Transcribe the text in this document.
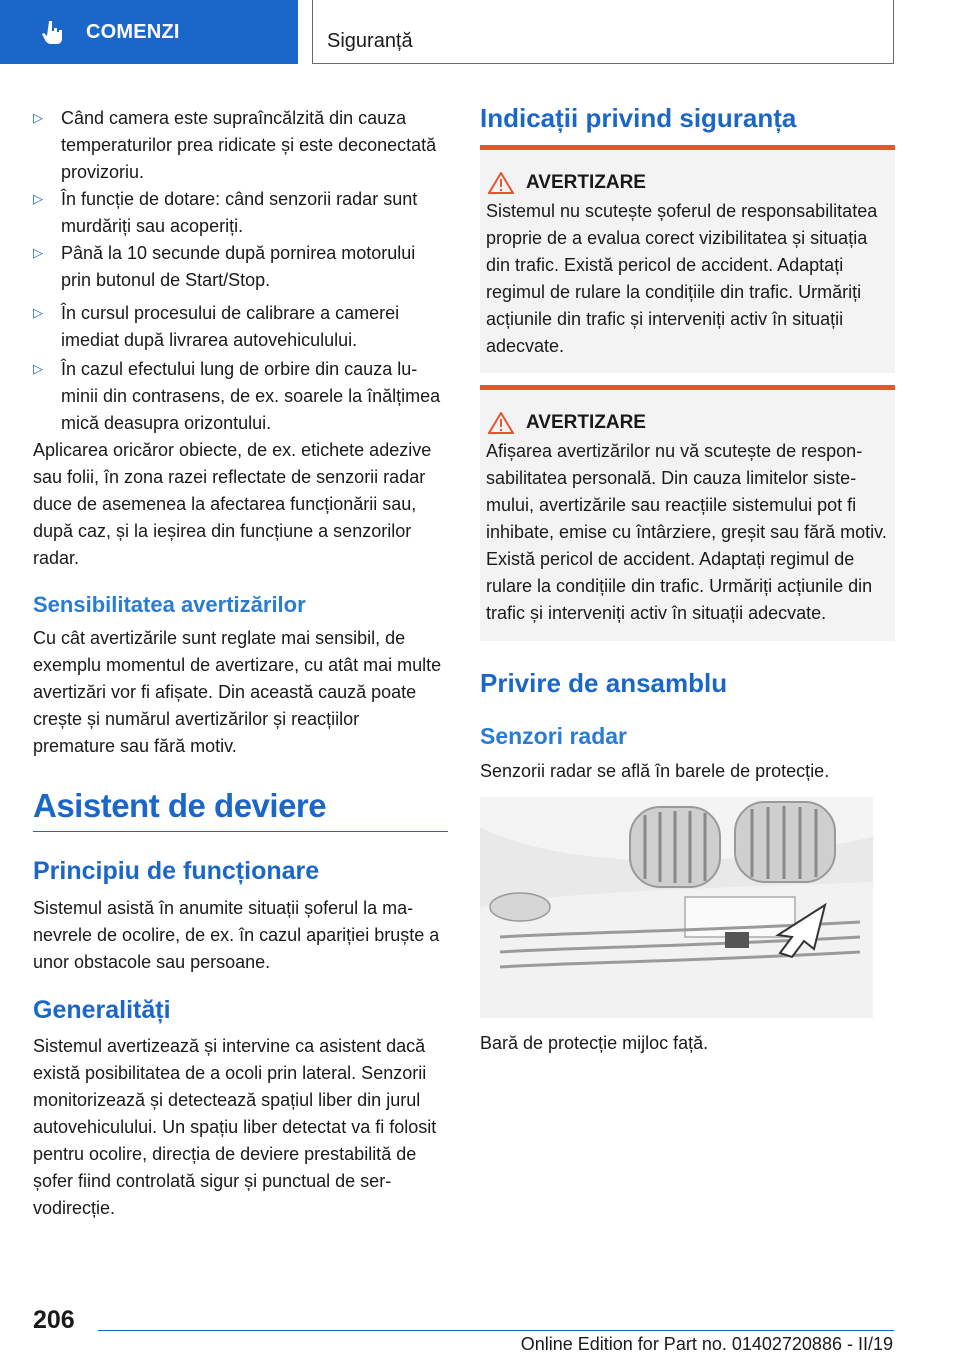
COMENZI	Siguranță
▷	Când camera este supraîncălzită din cauza temperaturilor prea ridicate și este deconectată provizoriu.
▷	În funcție de dotare: când senzorii radar sunt murdăriți sau acoperiți.
▷	Până la 10 secunde după pornirea motorului prin butonul de Start/Stop.
▷	În cursul procesului de calibrare a camerei imediat după livrarea autovehiculului.
▷	În cazul efectului lung de orbire din cauza luminii din contrasens, de ex. soarele la înălțimea mică deasupra orizontului.
Aplicarea oricăror obiecte, de ex. etichete adezive sau folii, în zona razei reflectate de senzorii radar duce de asemenea la afectarea funcționării sau, după caz, și la ieșirea din funcțiune a senzorilor radar.
Sensibilitatea avertizărilor
Cu cât avertizările sunt reglate mai sensibil, de exemplu momentul de avertizare, cu atât mai multe avertizări vor fi afișate. Din această cauză poate crește și numărul avertizărilor și reacțiilor premature sau fără motiv.
Asistent de deviere
Principiu de funcționare
Sistemul asistă în anumite situații șoferul la manevrele de ocolire, de ex. în cazul apariției bruște a unor obstacole sau persoane.
Generalități
Sistemul avertizează și intervine ca asistent dacă există posibilitatea de a ocoli prin lateral. Senzorii monitorizează și detectează spațiul liber din jurul autovehiculului. Un spațiu liber detectat va fi folosit pentru ocolire, direcția de deviere prestabilită de șofer fiind controlată sigur și punctual de servodirecție.
Indicații privind siguranța
AVERTIZARE
Sistemul nu scutește șoferul de responsabilitatea proprie de a evalua corect vizibilitatea și situația din trafic. Există pericol de accident. Adaptați regimul de rulare la condițiile din trafic. Urmăriți acțiunile din trafic și interveniți activ în situații adecvate.
AVERTIZARE
Afișarea avertizărilor nu vă scutește de responsabilitatea personală. Din cauza limitelor sistemului, avertizările sau reacțiile sistemului pot fi inhibate, emise cu întârziere, greșit sau fără motiv. Există pericol de accident. Adaptați regimul de rulare la condițiile din trafic. Urmăriți acțiunile din trafic și interveniți activ în situații adecvate.
Privire de ansamblu
Senzori radar
Senzorii radar se află în barele de protecție.
Bară de protecție mijloc față.
206
Online Edition for Part no. 01402720886 - II/19
